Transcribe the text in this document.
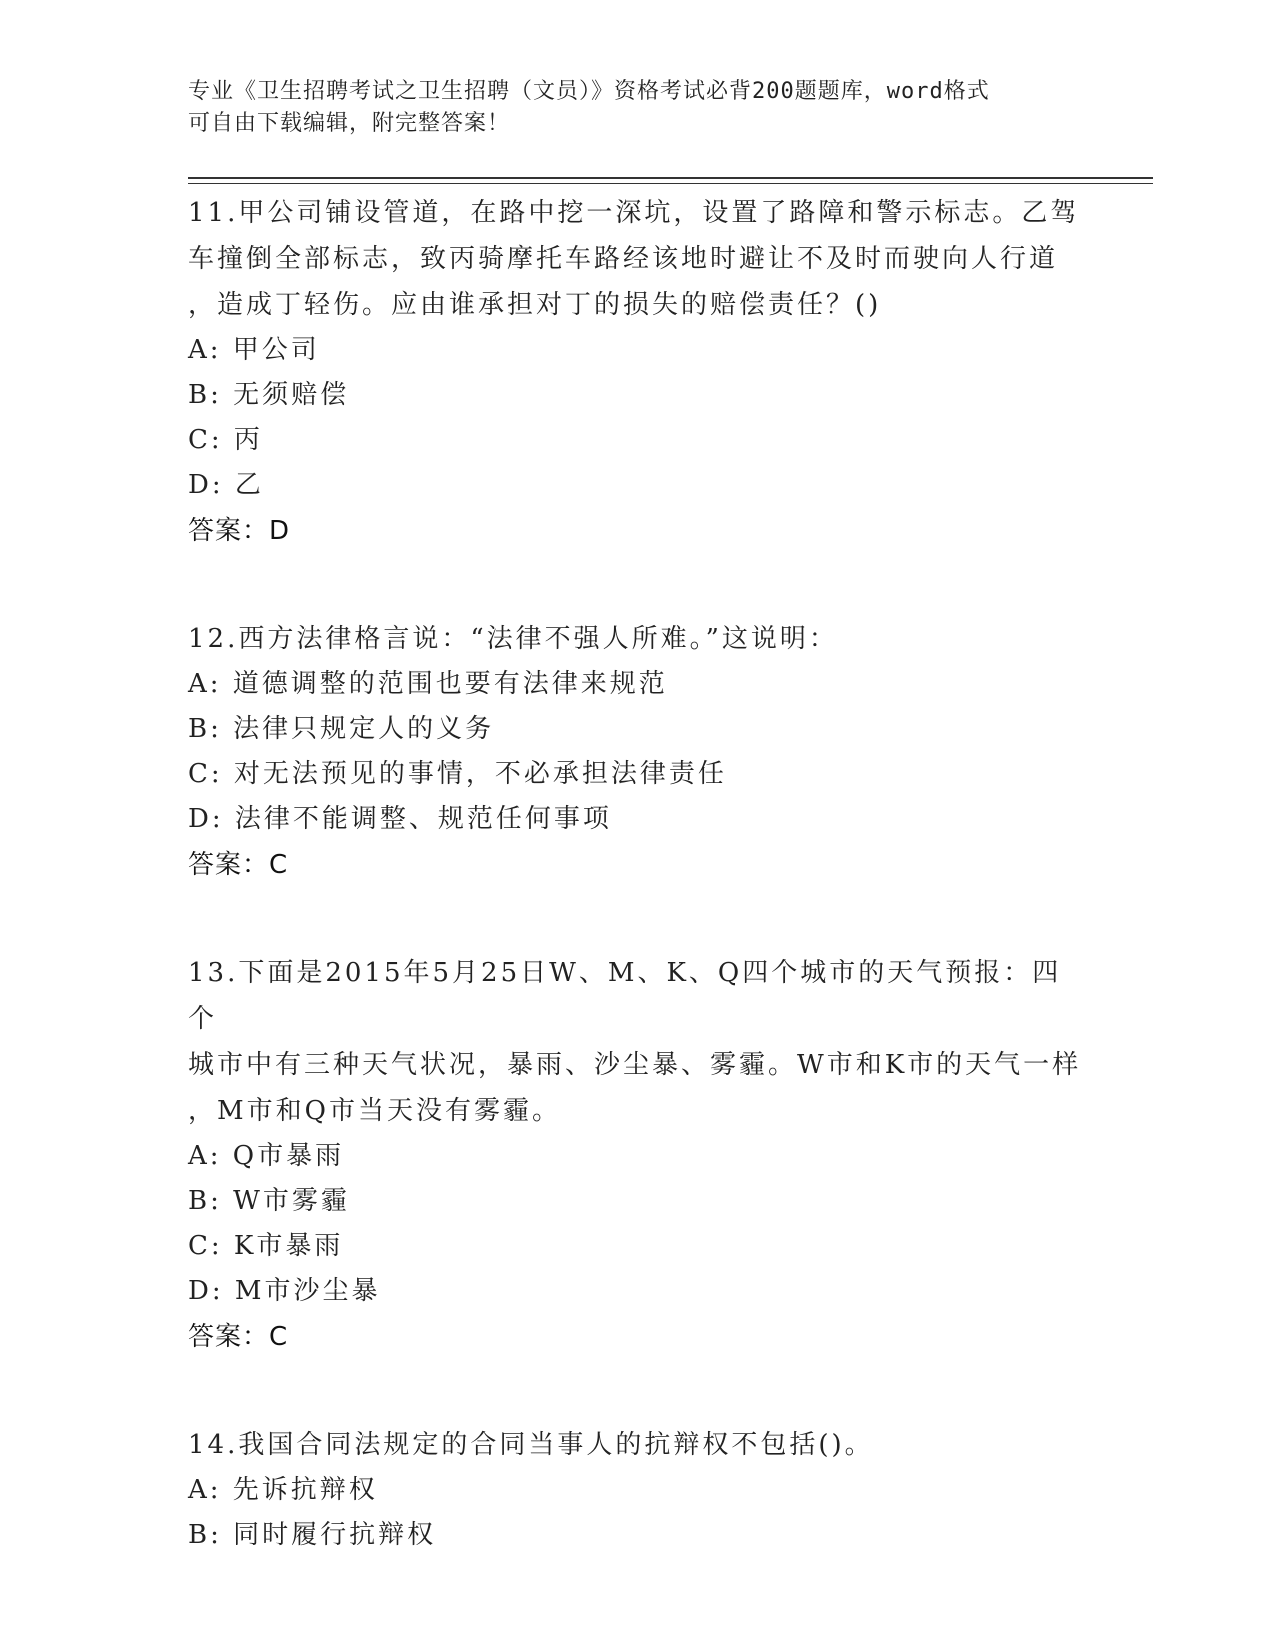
专业《卫生招聘考试之卫生招聘（文员）》资格考试必背200题题库，word格式
可自由下载编辑，附完整答案！
11.甲公司铺设管道，在路中挖一深坑，设置了路障和警示标志。乙驾
车撞倒全部标志，致丙骑摩托车路经该地时避让不及时而驶向人行道
，造成丁轻伤。应由谁承担对丁的损失的赔偿责任？()
A: 甲公司
B: 无须赔偿
C: 丙
D: 乙
答案：D
12.西方法律格言说：“法律不强人所难。”这说明：
A: 道德调整的范围也要有法律来规范
B: 法律只规定人的义务
C: 对无法预见的事情，不必承担法律责任
D: 法律不能调整、规范任何事项
答案：C
13.下面是2015年5月25日W、M、K、Q四个城市的天气预报：四个
城市中有三种天气状况，暴雨、沙尘暴、雾霾。W市和K市的天气一样
，M市和Q市当天没有雾霾。
A: Q市暴雨
B: W市雾霾
C: K市暴雨
D: M市沙尘暴
答案：C
14.我国合同法规定的合同当事人的抗辩权不包括()。
A: 先诉抗辩权
B: 同时履行抗辩权
